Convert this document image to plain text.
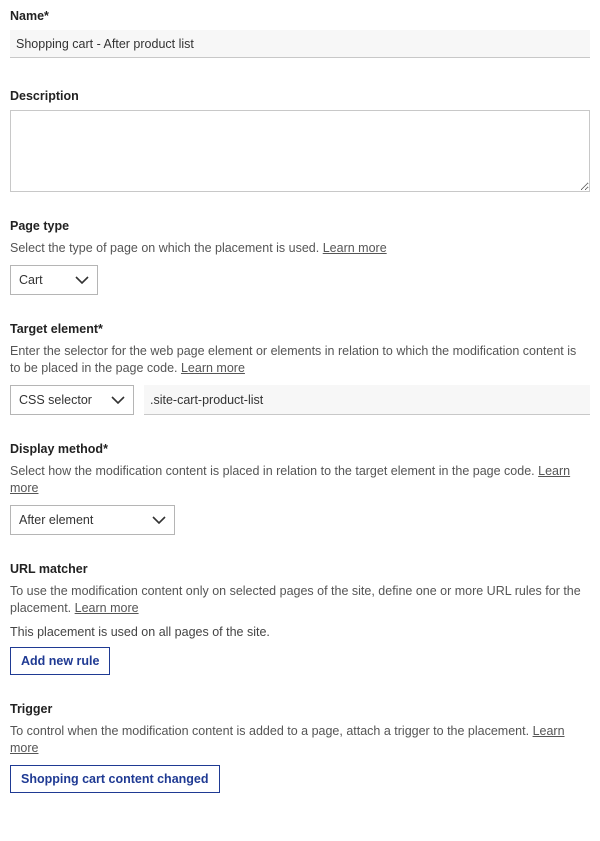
Name*
Shopping cart - After product list
Description
Page type
Select the type of page on which the placement is used. Learn more
Cart
Target element*
Enter the selector for the web page element or elements in relation to which the modification content is to be placed in the page code. Learn more
CSS selector
.site-cart-product-list
Display method*
Select how the modification content is placed in relation to the target element in the page code. Learn more
After element
URL matcher
To use the modification content only on selected pages of the site, define one or more URL rules for the placement. Learn more
This placement is used on all pages of the site.
Add new rule
Trigger
To control when the modification content is added to a page, attach a trigger to the placement. Learn more
Shopping cart content changed
